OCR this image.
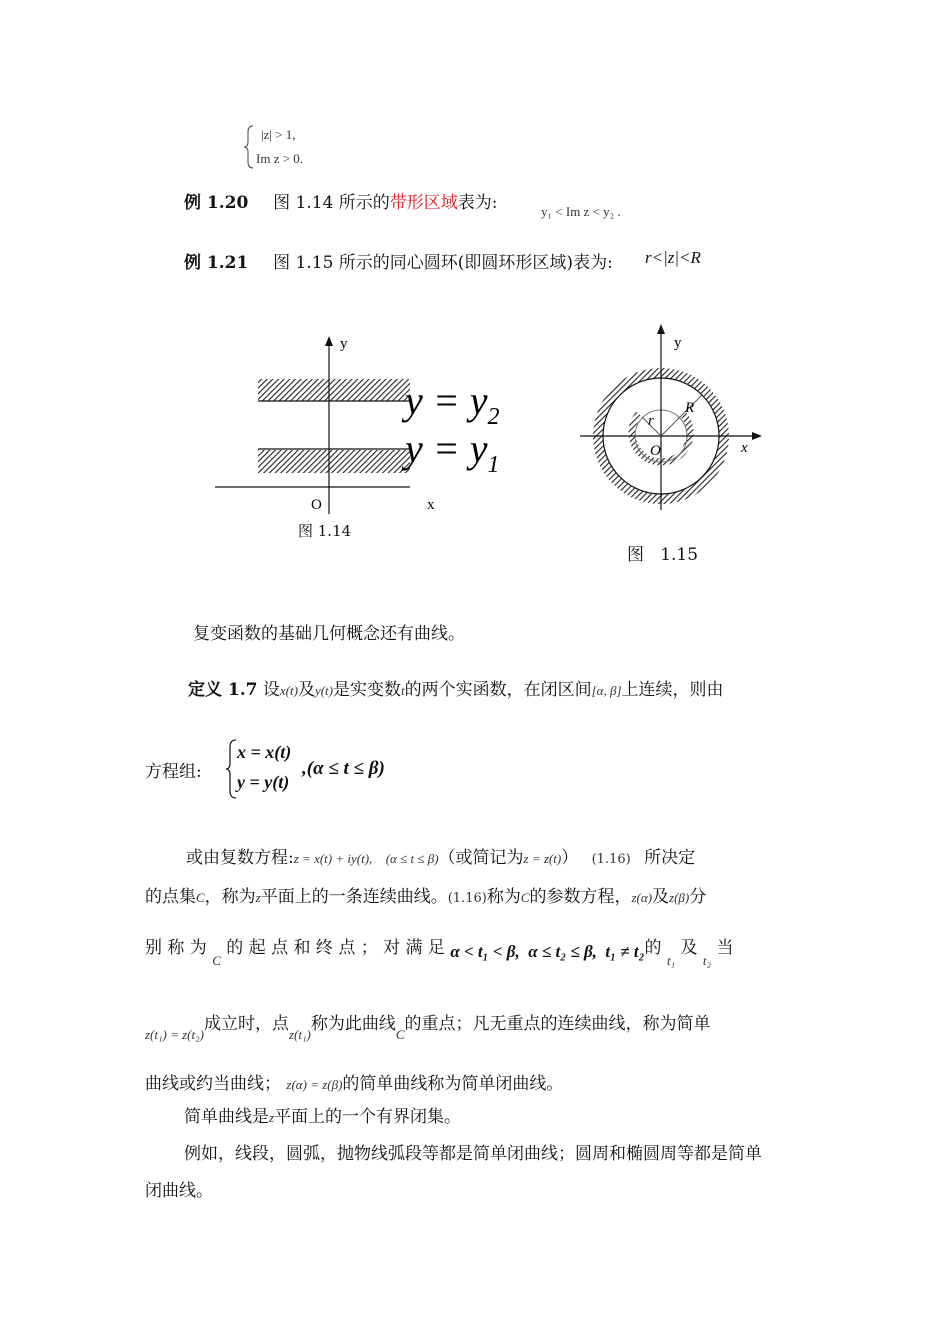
|z| > 1,
Im z > 0.
例 1.20 图 1.14 所示的带形区域表为:	y₁ < Im z < y₂ .
例 1.21 图 1.15 所示的同心圆环(即圆环形区域)表为: r<|z|<R
y
O	x
$y = y_2$
$y = y_1$
图 1.14
y
x
O
r
R
图   1.15
复变函数的基础几何概念还有曲线。
定义 1.7 设x(t)及y(t)是实变数t的两个实函数，在闭区间[α, β]上连续，则由
方程组:
x = x(t)
y = y(t)
,(α ≤ t ≤ β)
或由复数方程:z = x(t) + iy(t), (α ≤ t ≤ β)（或简记为z = z(t)） (1.16) 所决定
的点集C，称为z平面上的一条连续曲线。(1.16)称为C的参数方程，z(α)及z(β)分
别 称 为 $_C$ 的 起 点 和 终 点 ； 对 满 足 α < t₁ < β,  α ≤ t₂ ≤ β,  t₁ ≠ t₂的 $_{t_1}$ 及 $_{t_2}$ 当
$_{z(t_1) = z(t_2)}$成立时，点$_{z(t_1)}$称为此曲线$_C$的重点；凡无重点的连续曲线，称为简单
曲线或约当曲线； z(α) = z(β)的简单曲线称为简单闭曲线。
简单曲线是z平面上的一个有界闭集。
例如，线段，圆弧，抛物线弧段等都是简单闭曲线；圆周和椭圆周等都是简单
闭曲线。
